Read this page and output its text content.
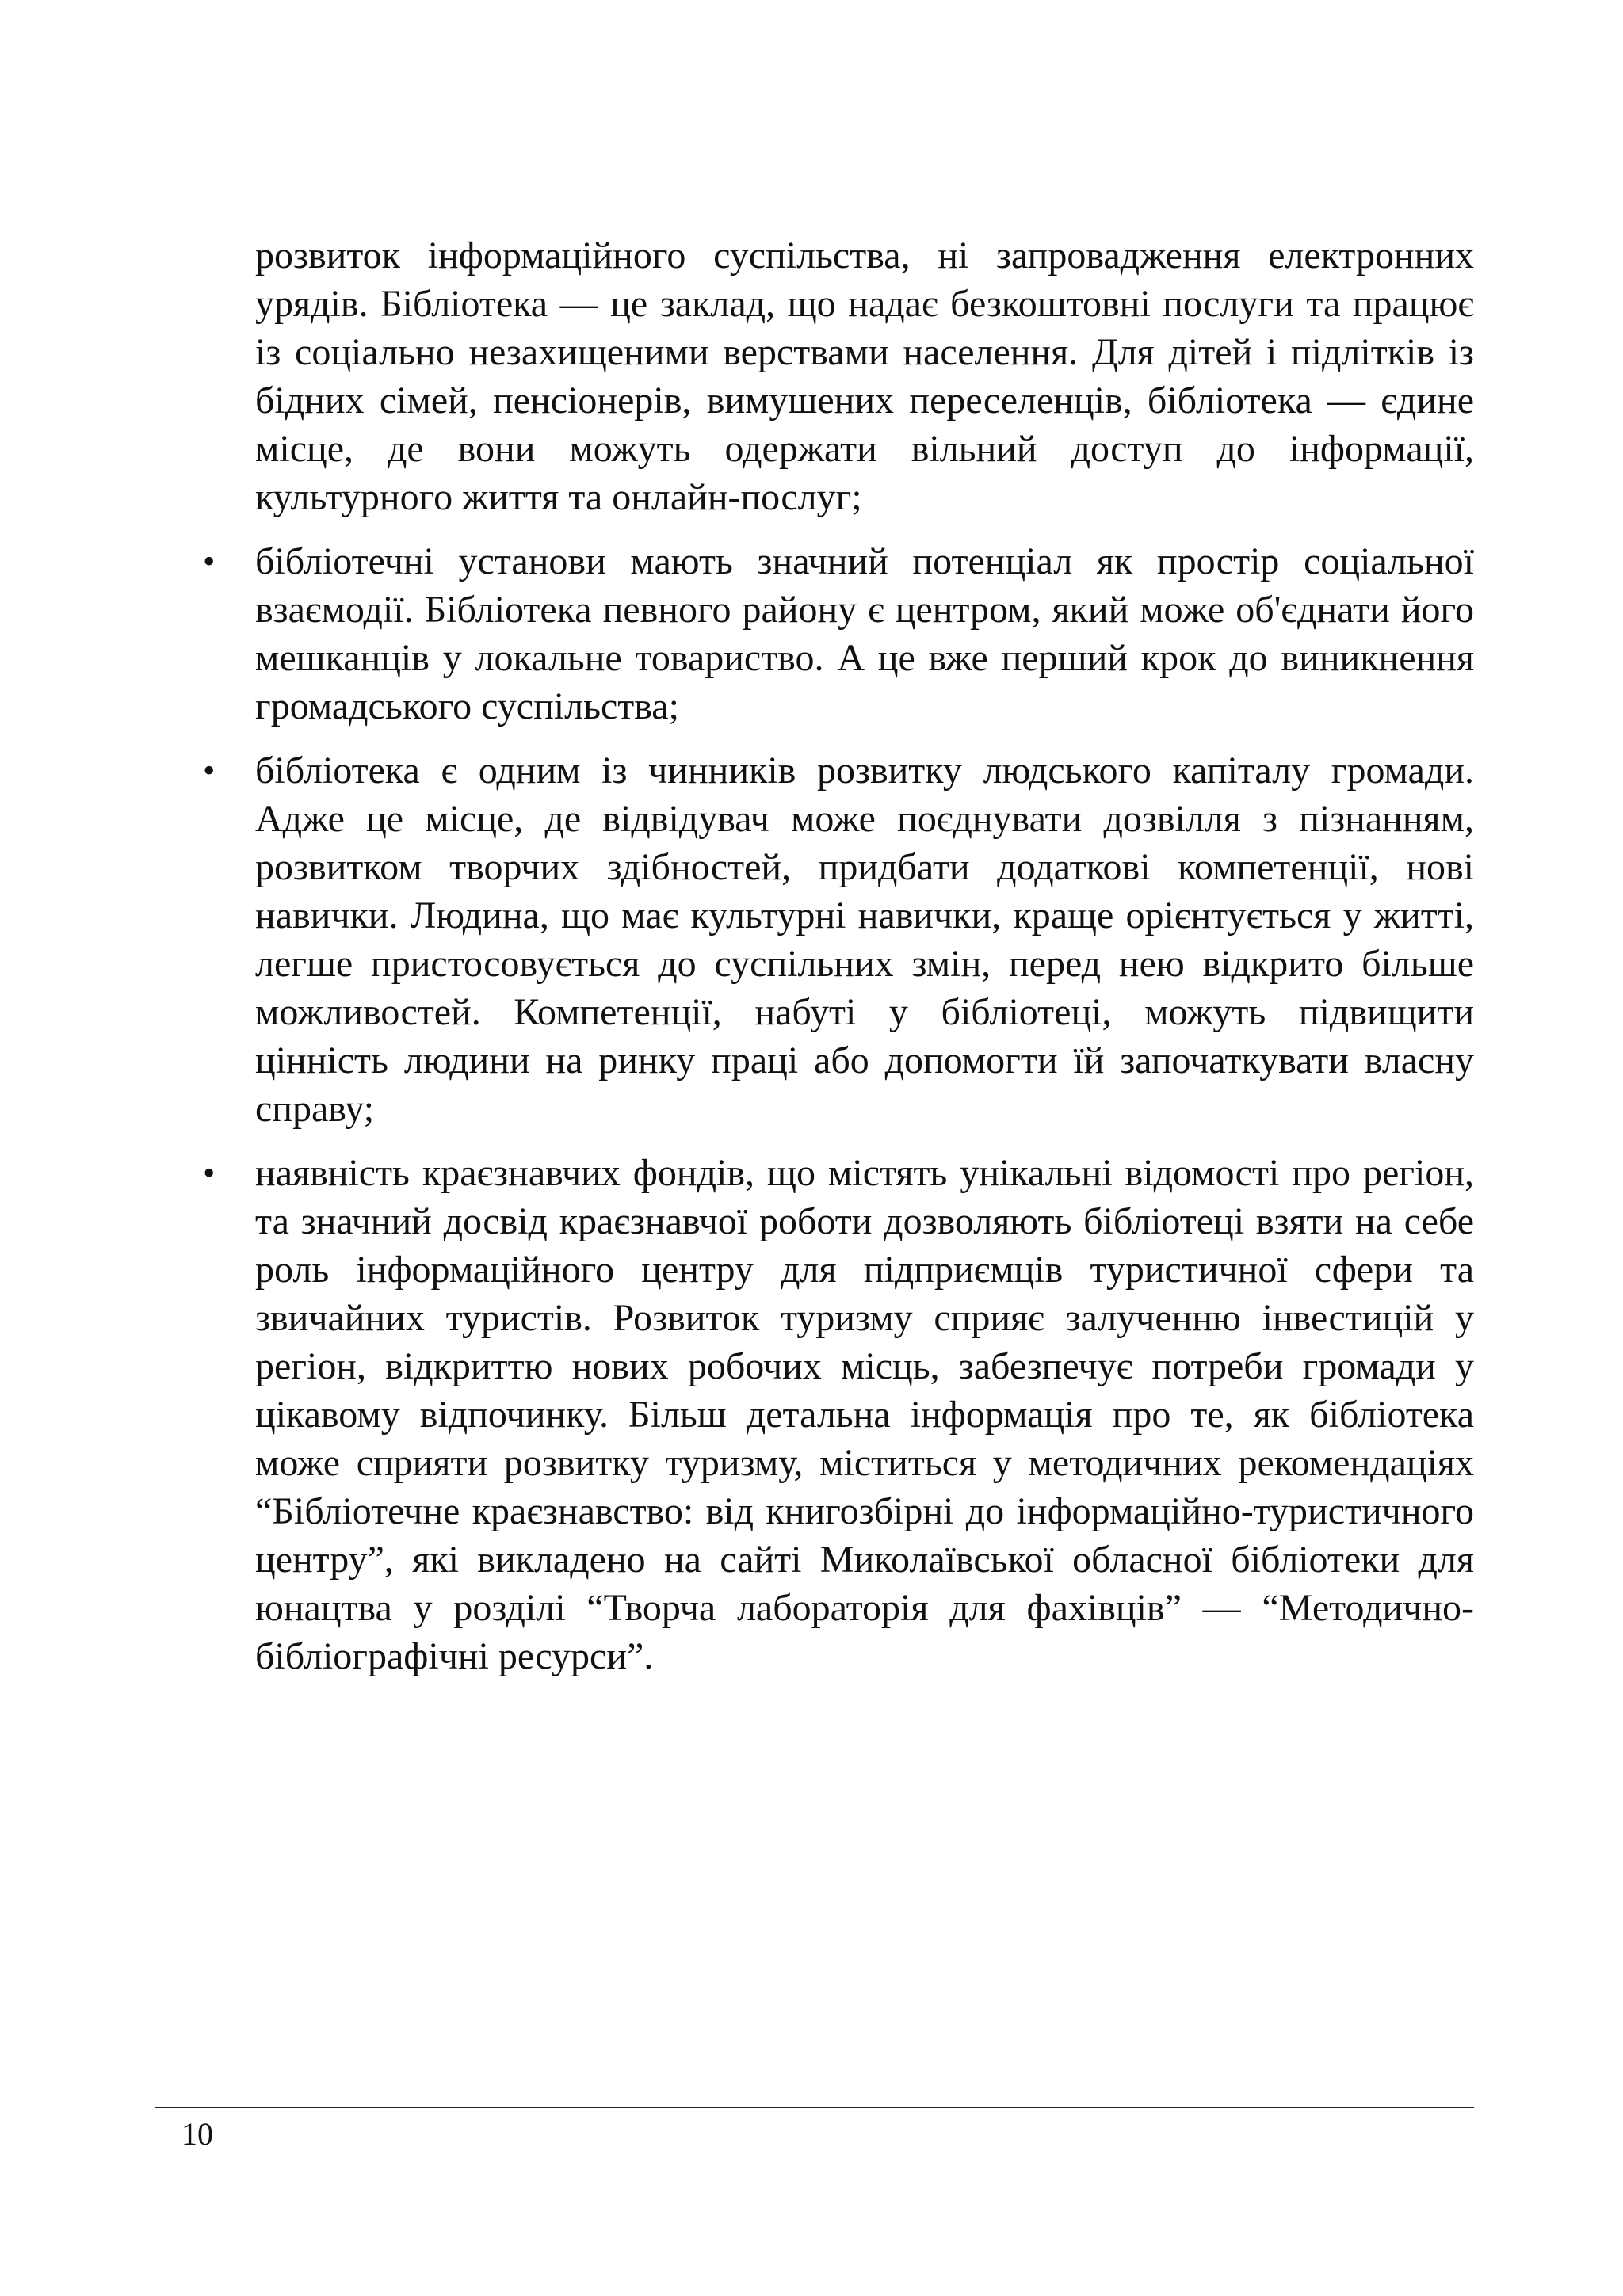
розвиток інформаційного суспільства, ні запровадження електронних урядів. Бібліотека — це заклад, що надає безкоштовні послуги та працює із соціально незахищеними верствами населення. Для дітей і підлітків із бідних сімей, пенсіонерів, вимушених переселенців, бібліотека — єдине місце, де вони можуть одержати вільний доступ до інформації, культурного життя та онлайн-послуг;

• бібліотечні установи мають значний потенціал як простір соціальної взаємодії. Бібліотека певного району є центром, який може об'єднати його мешканців у локальне товариство. А це вже перший крок до виникнення громадського суспільства;

• бібліотека є одним із чинників розвитку людського капіталу громади. Адже це місце, де відвідувач може поєднувати дозвілля з пізнанням, розвитком творчих здібностей, придбати додаткові компетенції, нові навички. Людина, що має культурні навички, краще орієнтується у житті, легше пристосовується до суспільних змін, перед нею відкрито більше можливостей. Компетенції, набуті у бібліотеці, можуть підвищити цінність людини на ринку праці або допомогти їй започаткувати власну справу;

• наявність краєзнавчих фондів, що містять унікальні відомості про регіон, та значний досвід краєзнавчої роботи дозволяють бібліотеці взяти на себе роль інформаційного центру для підприємців туристичної сфери та звичайних туристів. Розвиток туризму сприяє залученню інвестицій у регіон, відкриттю нових робочих місць, забезпечує потреби громади у цікавому відпочинку. Більш детальна інформація про те, як бібліотека може сприяти розвитку туризму, міститься у методичних рекомендаціях “Бібліотечне краєзнавство: від книгозбірні до інформаційно-туристичного центру”, які викладено на сайті Миколаївської обласної бібліотеки для юнацтва у розділі “Творча лабораторія для фахівців” — “Методично-бібліографічні ресурси”.

10
